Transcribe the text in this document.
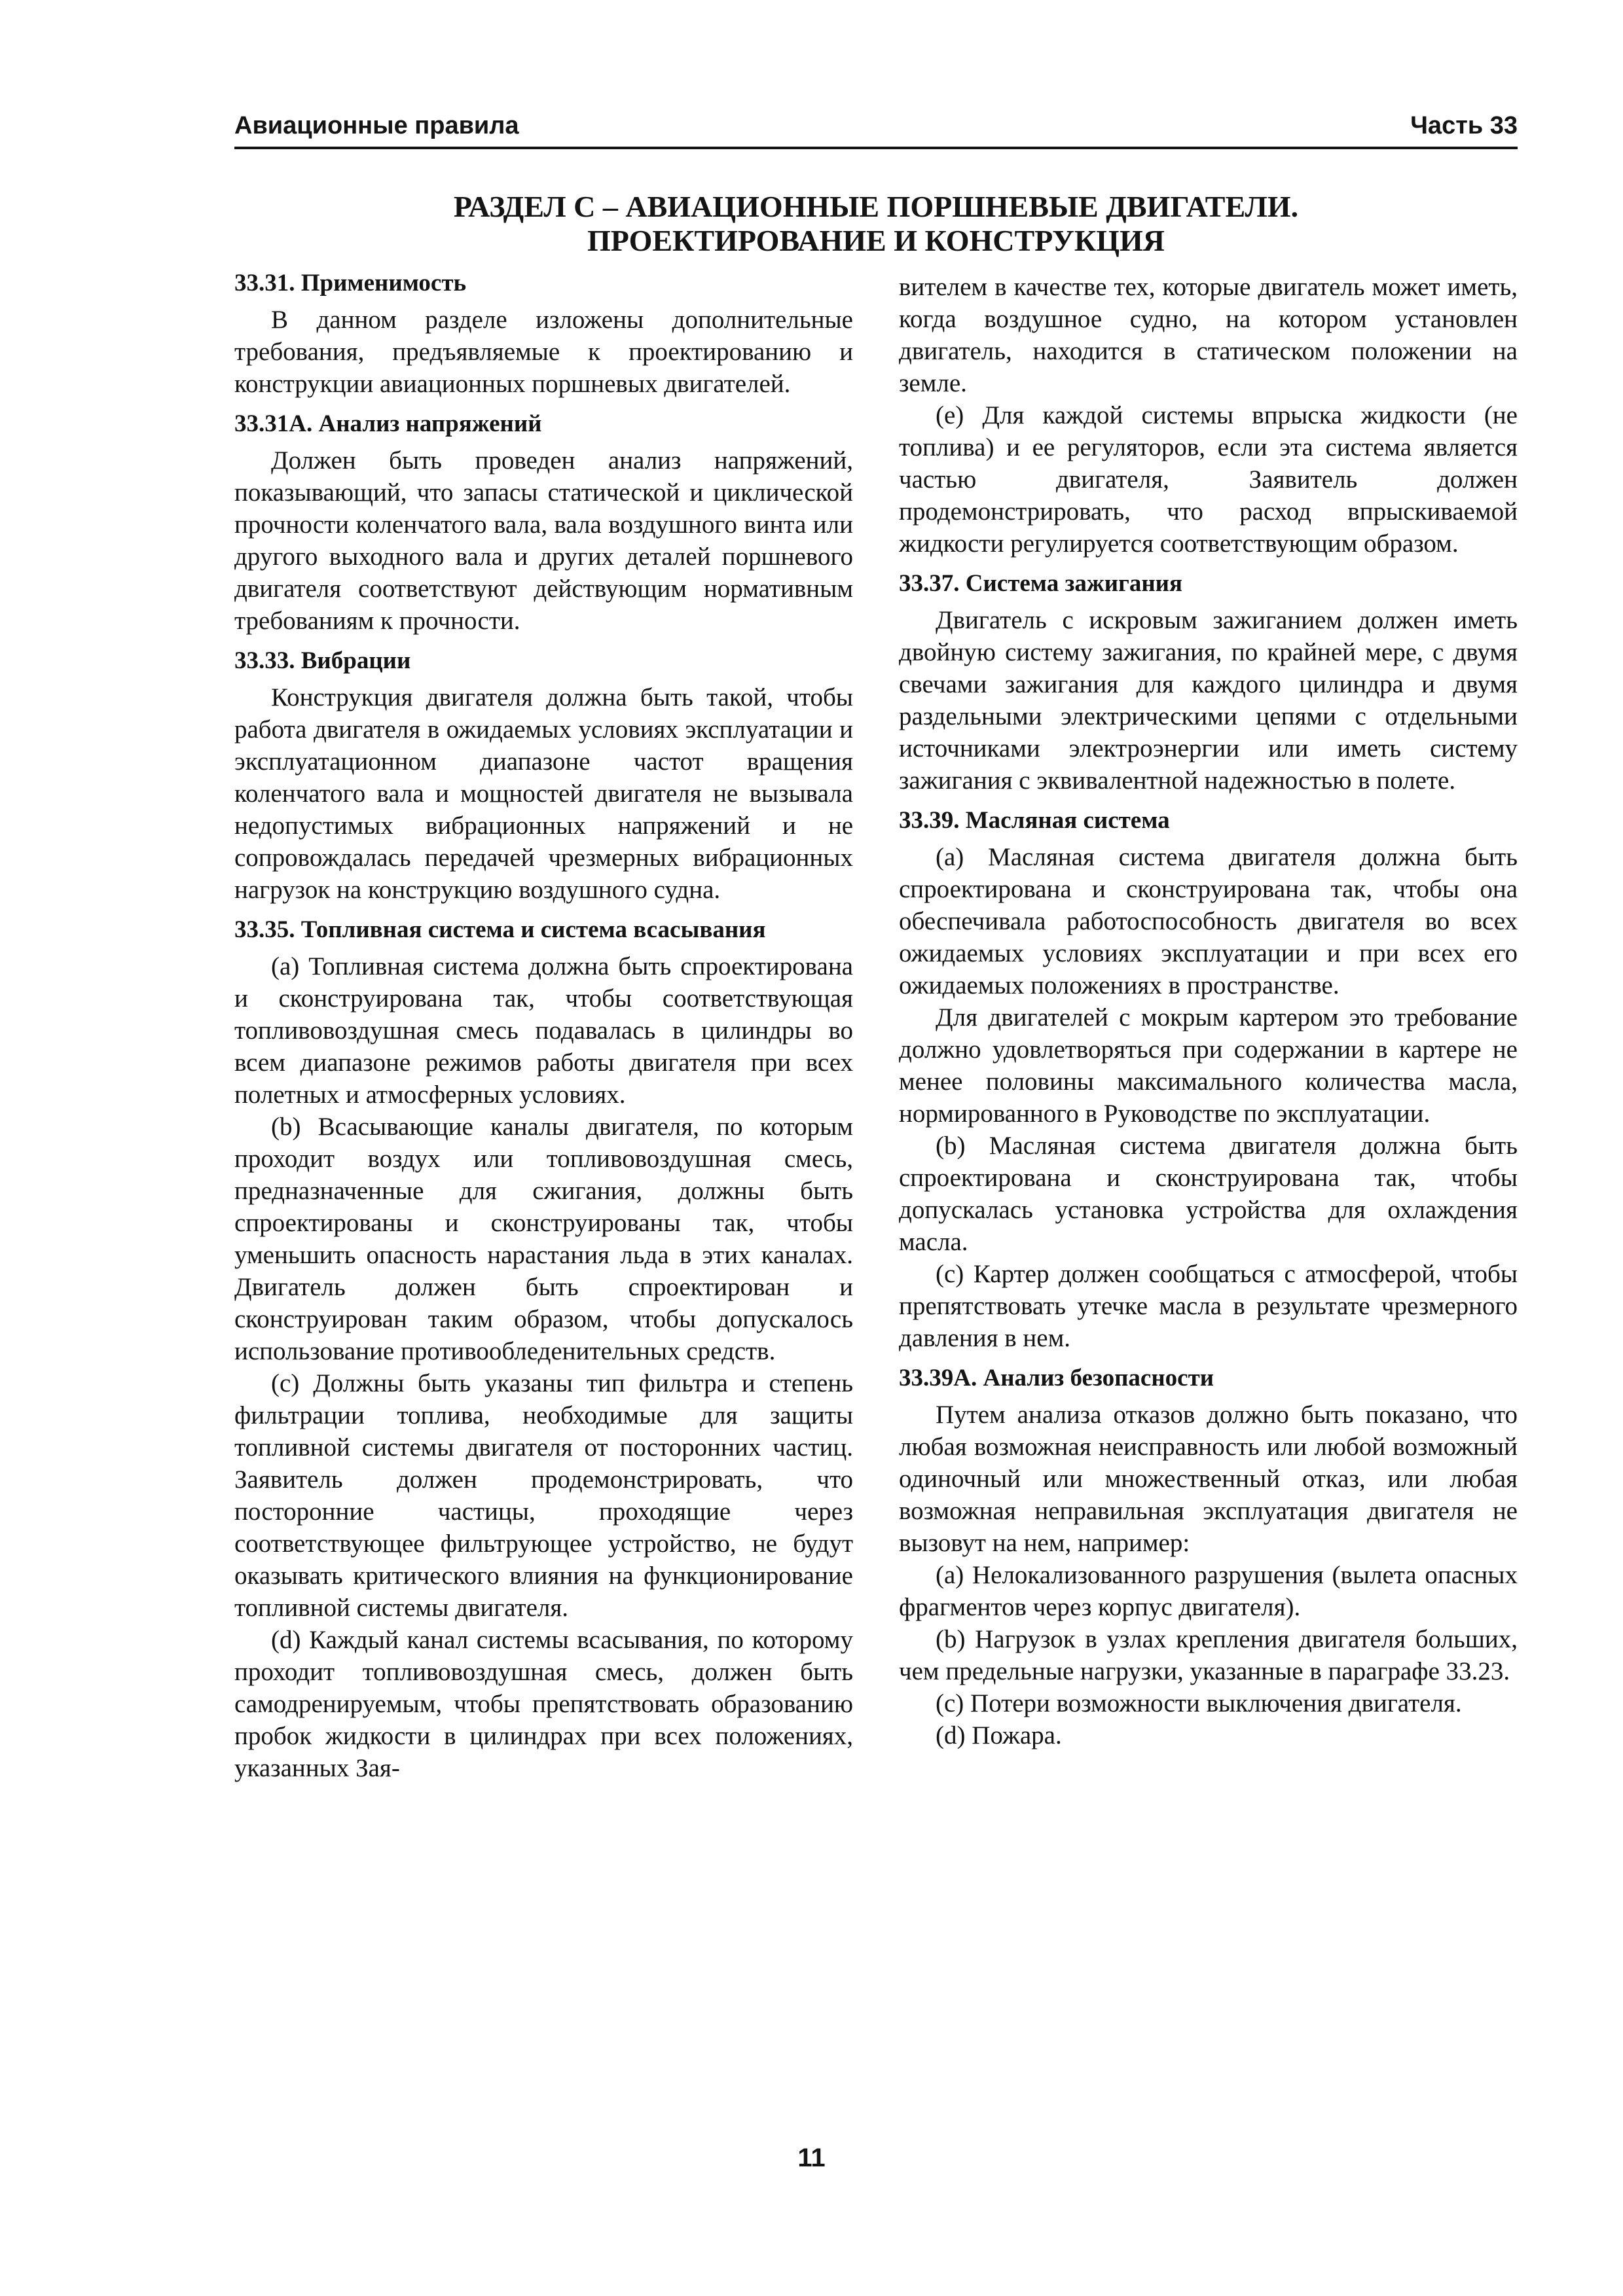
Авиационные правила	Часть 33
РАЗДЕЛ С – АВИАЦИОННЫЕ ПОРШНЕВЫЕ ДВИГАТЕЛИ.
ПРОЕКТИРОВАНИЕ И КОНСТРУКЦИЯ
33.31. Применимость

В данном разделе изложены дополнительные требования, предъявляемые к проектированию и конструкции авиационных поршневых двигателей.

33.31А. Анализ напряжений

Должен быть проведен анализ напряжений, показывающий, что запасы статической и циклической прочности коленчатого вала, вала воздушного винта или другого выходного вала и других деталей поршневого двигателя соответствуют действующим нормативным требованиям к прочности.

33.33. Вибрации

Конструкция двигателя должна быть такой, чтобы работа двигателя в ожидаемых условиях эксплуатации и эксплуатационном диапазоне частот вращения коленчатого вала и мощностей двигателя не вызывала недопустимых вибрационных напряжений и не сопровождалась передачей чрезмерных вибрационных нагрузок на конструкцию воздушного судна.

33.35. Топливная система и система всасывания

(a) Топливная система должна быть спроектирована и сконструирована так, чтобы соответствующая топливовоздушная смесь подавалась в цилиндры во всем диапазоне режимов работы двигателя при всех полетных и атмосферных условиях.

(b) Всасывающие каналы двигателя, по которым проходит воздух или топливовоздушная смесь, предназначенные для сжигания, должны быть спроектированы и сконструированы так, чтобы уменьшить опасность нарастания льда в этих каналах. Двигатель должен быть спроектирован и сконструирован таким образом, чтобы допускалось использование противообледенительных средств.

(c) Должны быть указаны тип фильтра и степень фильтрации топлива, необходимые для защиты топливной системы двигателя от посторонних частиц. Заявитель должен продемонстрировать, что посторонние частицы, проходящие через соответствующее фильтрующее устройство, не будут оказывать критического влияния на функционирование топливной системы двигателя.

(d) Каждый канал системы всасывания, по которому проходит топливовоздушная смесь, должен быть самодренируемым, чтобы препятствовать образованию пробок жидкости в цилиндрах при всех положениях, указанных Зая-

вителем в качестве тех, которые двигатель может иметь, когда воздушное судно, на котором установлен двигатель, находится в статическом положении на земле.

(e) Для каждой системы впрыска жидкости (не топлива) и ее регуляторов, если эта система является частью двигателя, Заявитель должен продемонстрировать, что расход впрыскиваемой жидкости регулируется соответствующим образом.

33.37. Система зажигания

Двигатель с искровым зажиганием должен иметь двойную систему зажигания, по крайней мере, с двумя свечами зажигания для каждого цилиндра и двумя раздельными электрическими цепями с отдельными источниками электроэнергии или иметь систему зажигания с эквивалентной надежностью в полете.

33.39. Масляная система

(a) Масляная система двигателя должна быть спроектирована и сконструирована так, чтобы она обеспечивала работоспособность двигателя во всех ожидаемых условиях эксплуатации и при всех его ожидаемых положениях в пространстве.

Для двигателей с мокрым картером это требование должно удовлетворяться при содержании в картере не менее половины максимального количества масла, нормированного в Руководстве по эксплуатации.

(b) Масляная система двигателя должна быть спроектирована и сконструирована так, чтобы допускалась установка устройства для охлаждения масла.

(c) Картер должен сообщаться с атмосферой, чтобы препятствовать утечке масла в результате чрезмерного давления в нем.

33.39А. Анализ безопасности

Путем анализа отказов должно быть показано, что любая возможная неисправность или любой возможный одиночный или множественный отказ, или любая возможная неправильная эксплуатация двигателя не вызовут на нем, например:

(a) Нелокализованного разрушения (вылета опасных фрагментов через корпус двигателя).

(b) Нагрузок в узлах крепления двигателя больших, чем предельные нагрузки, указанные в параграфе 33.23.

(c) Потери возможности выключения двигателя.

(d) Пожара.

11
